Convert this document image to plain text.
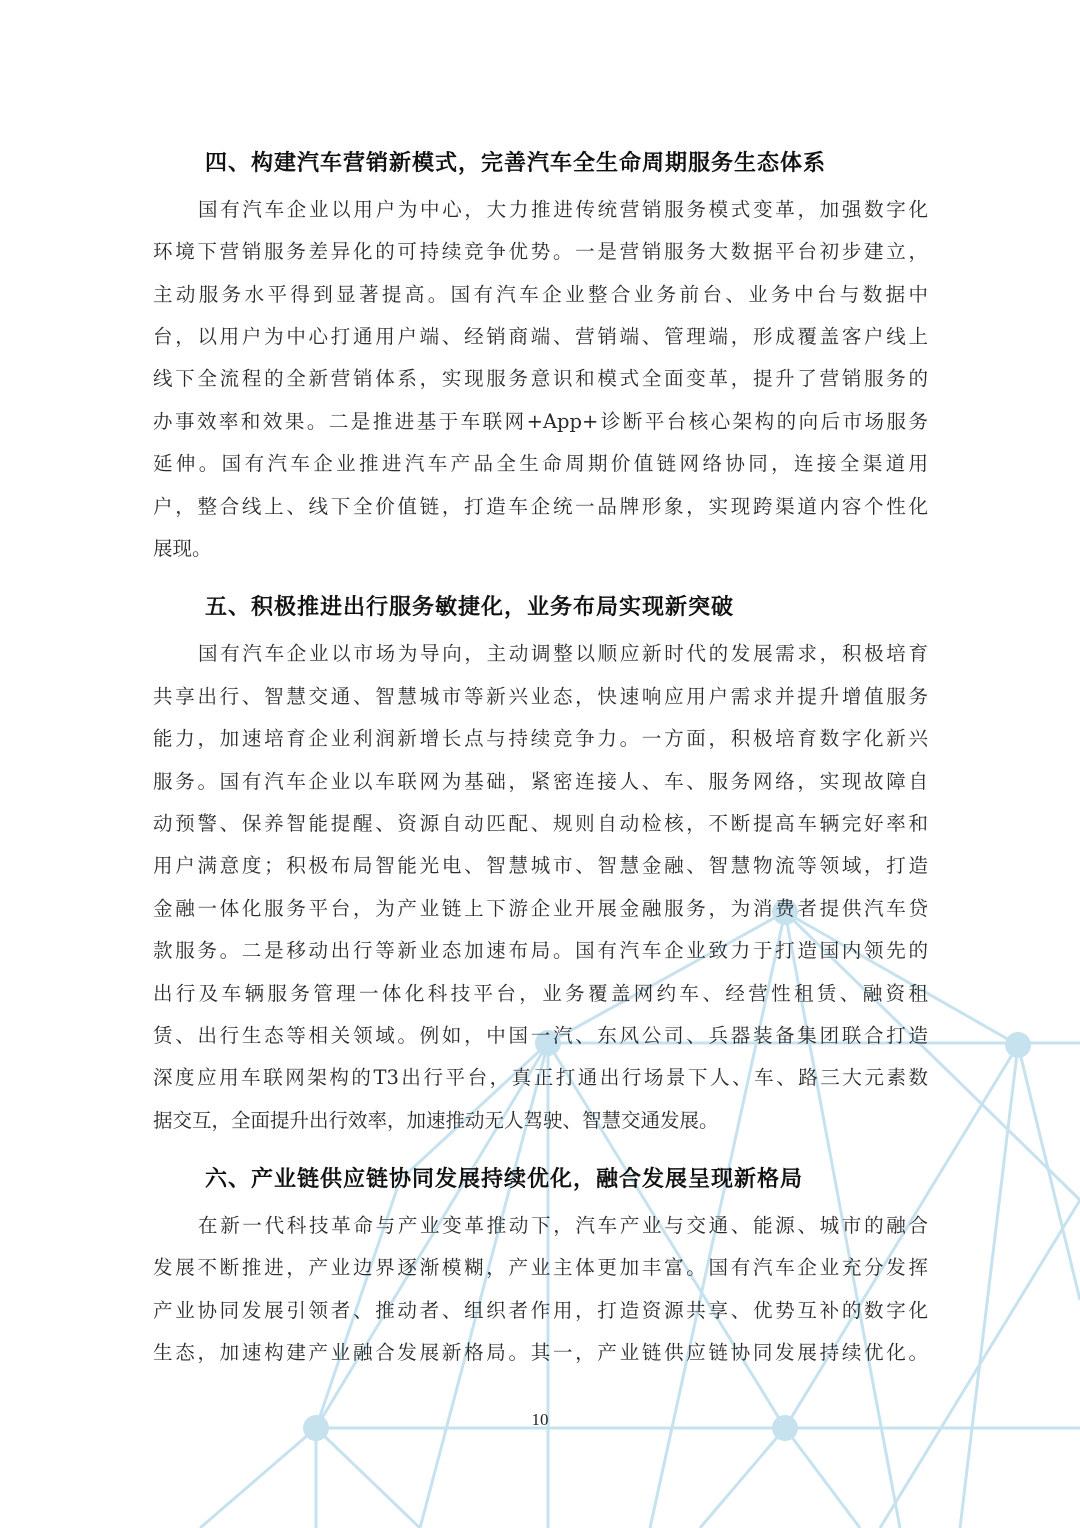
四、构建汽车营销新模式，完善汽车全生命周期服务生态体系
国有汽车企业以用户为中心，大力推进传统营销服务模式变革，加强数字化
环境下营销服务差异化的可持续竞争优势。一是营销服务大数据平台初步建立，
主动服务水平得到显著提高。国有汽车企业整合业务前台、业务中台与数据中
台，以用户为中心打通用户端、经销商端、营销端、管理端，形成覆盖客户线上
线下全流程的全新营销体系，实现服务意识和模式全面变革，提升了营销服务的
办事效率和效果。二是推进基于车联网+App+诊断平台核心架构的向后市场服务
延伸。国有汽车企业推进汽车产品全生命周期价值链网络协同，连接全渠道用
户，整合线上、线下全价值链，打造车企统一品牌形象，实现跨渠道内容个性化
展现。
五、积极推进出行服务敏捷化，业务布局实现新突破
国有汽车企业以市场为导向，主动调整以顺应新时代的发展需求，积极培育
共享出行、智慧交通、智慧城市等新兴业态，快速响应用户需求并提升增值服务
能力，加速培育企业利润新增长点与持续竞争力。一方面，积极培育数字化新兴
服务。国有汽车企业以车联网为基础，紧密连接人、车、服务网络，实现故障自
动预警、保养智能提醒、资源自动匹配、规则自动检核，不断提高车辆完好率和
用户满意度；积极布局智能光电、智慧城市、智慧金融、智慧物流等领域，打造
金融一体化服务平台，为产业链上下游企业开展金融服务，为消费者提供汽车贷
款服务。二是移动出行等新业态加速布局。国有汽车企业致力于打造国内领先的
出行及车辆服务管理一体化科技平台，业务覆盖网约车、经营性租赁、融资租
赁、出行生态等相关领域。例如，中国一汽、东风公司、兵器装备集团联合打造
深度应用车联网架构的T3出行平台，真正打通出行场景下人、车、路三大元素数
据交互，全面提升出行效率，加速推动无人驾驶、智慧交通发展。
六、产业链供应链协同发展持续优化，融合发展呈现新格局
在新一代科技革命与产业变革推动下，汽车产业与交通、能源、城市的融合
发展不断推进，产业边界逐渐模糊，产业主体更加丰富。国有汽车企业充分发挥
产业协同发展引领者、推动者、组织者作用，打造资源共享、优势互补的数字化
生态，加速构建产业融合发展新格局。其一，产业链供应链协同发展持续优化。
10
